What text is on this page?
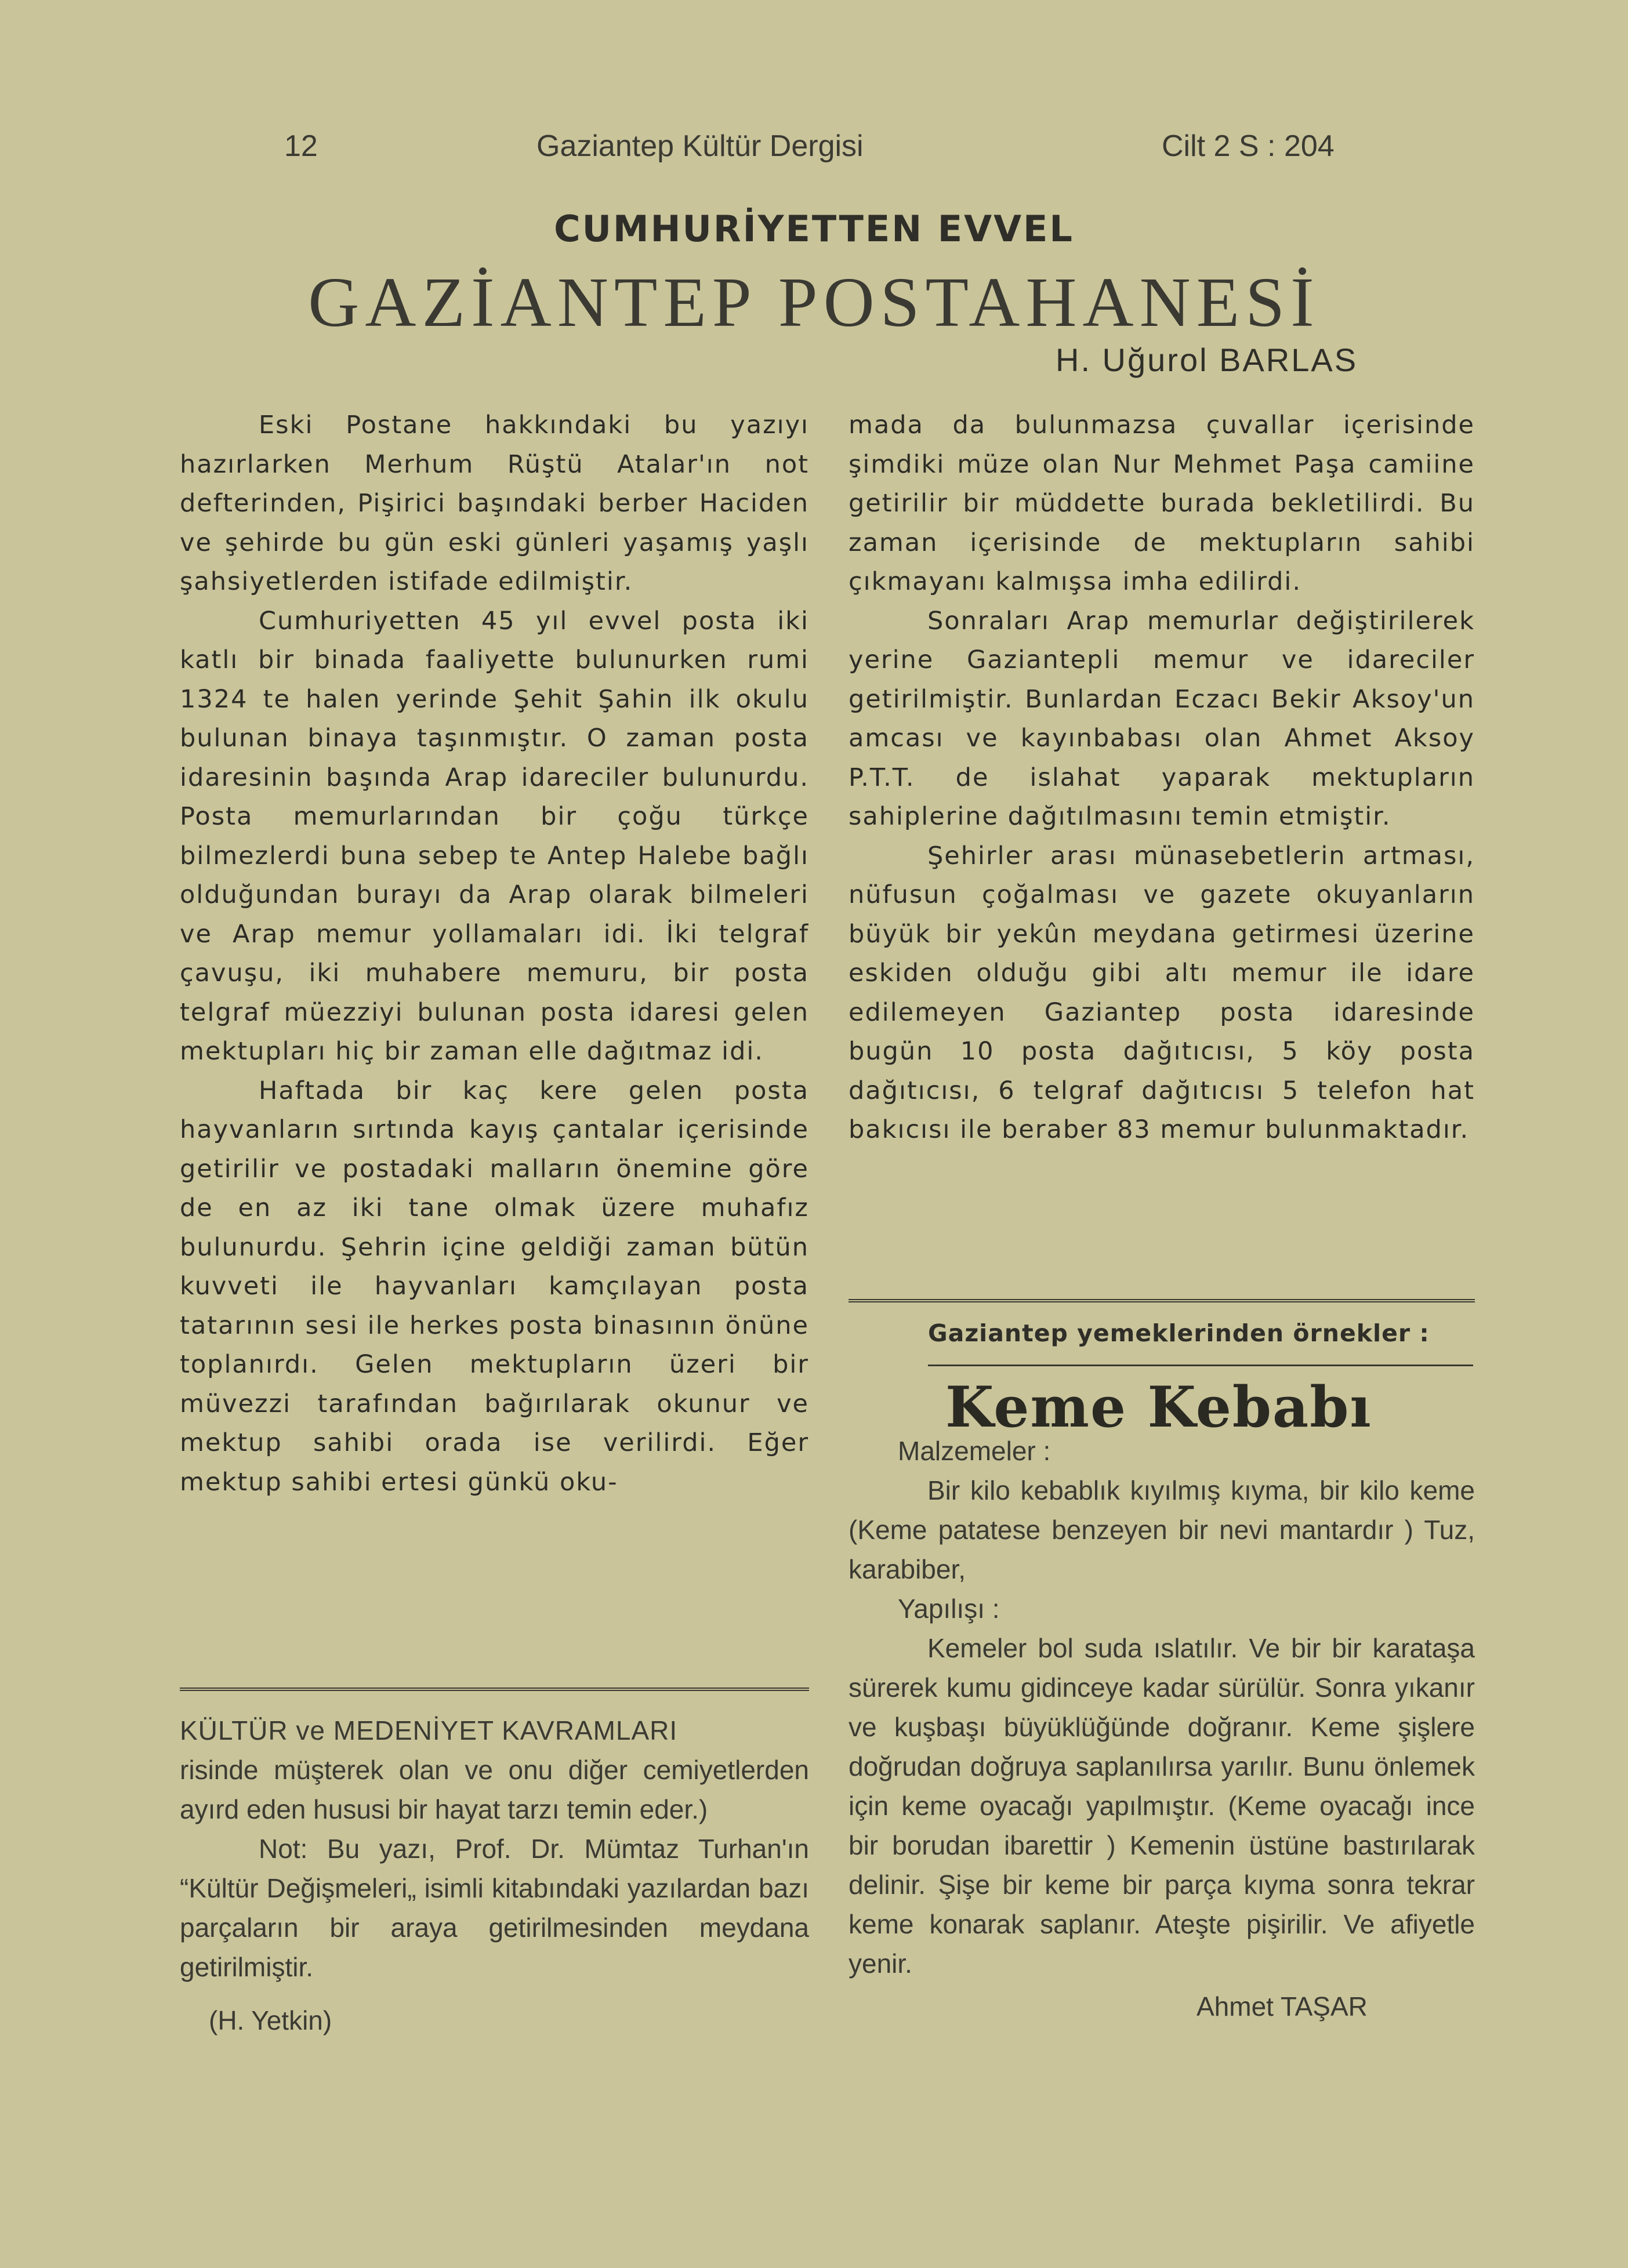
12	Gaziantep Kültür Dergisi	Cilt 2 S : 204
CUMHURİYETTEN EVVEL
GAZİANTEP POSTAHANESİ
H. Uğurol BARLAS

Eski Postane hakkındaki bu yazıyı hazırlarken Merhum Rüştü Atalar'ın not defterinden, Pişirici başındaki berber Haciden ve şehirde bu gün eski günleri yaşamış yaşlı şahsiyetlerden istifade edilmiştir.

Cumhuriyetten 45 yıl evvel posta iki katlı bir binada faaliyette bulunurken rumi 1324 te halen yerinde Şehit Şahin ilk okulu bulunan binaya taşınmıştır. O zaman posta idaresinin başında Arap idareciler bulunurdu. Posta memurlarından bir çoğu türkçe bilmezlerdi buna sebep te Antep Halebe bağlı olduğundan burayı da Arap olarak bilmeleri ve Arap memur yollamaları idi. İki telgraf çavuşu, iki muhabere memuru, bir posta telgraf müezziyi bulunan posta idaresi gelen mektupları hiç bir zaman elle dağıtmaz idi.

Haftada bir kaç kere gelen posta hayvanların sırtında kayış çantalar içerisinde getirilir ve postadaki malların önemine göre de en az iki tane olmak üzere muhafız bulunurdu. Şehrin içine geldiği zaman bütün kuvveti ile hayvanları kamçılayan posta tatarının sesi ile herkes posta binasının önüne toplanırdı. Gelen mektupların üzeri bir müvezzi tarafından bağırılarak okunur ve mektup sahibi orada ise verilirdi. Eğer mektup sahibi ertesi günkü oku-

mada da bulunmazsa çuvallar içerisinde şimdiki müze olan Nur Mehmet Paşa camiine getirilir bir müddette burada bekletilirdi. Bu zaman içerisinde de mektupların sahibi çıkmayanı kalmışsa imha edilirdi.

Sonraları Arap memurlar değiştirilerek yerine Gaziantepli memur ve idareciler getirilmiştir. Bunlardan Eczacı Bekir Aksoy'un amcası ve kayınbabası olan Ahmet Aksoy P.T.T. de islahat yaparak mektupların sahiplerine dağıtılmasını temin etmiştir.

Şehirler arası münasebetlerin artması, nüfusun çoğalması ve gazete okuyanların büyük bir yekûn meydana getirmesi üzerine eskiden olduğu gibi altı memur ile idare edilemeyen Gaziantep posta idaresinde bugün 10 posta dağıtıcısı, 5 köy posta dağıtıcısı, 6 telgraf dağıtıcısı 5 telefon hat bakıcısı ile beraber 83 memur bulunmaktadır.

KÜLTÜR ve MEDENİYET KAVRAMLARI

risinde müşterek olan ve onu diğer cemiyetlerden ayırd eden hususi bir hayat tarzı temin eder.)

Not: Bu yazı, Prof. Dr. Mümtaz Turhan'ın “Kültür Değişmeleri„ isimli kitabındaki yazılardan bazı parçaların bir araya getirilmesinden meydana getirilmiştir.

(H. Yetkin)

Gaziantep yemeklerinden örnekler :
Keme Kebabı

Malzemeler :

Bir kilo kebablık kıyılmış kıyma, bir kilo keme (Keme patatese benzeyen bir nevi mantardır ) Tuz, karabiber,

Yapılışı :

Kemeler bol suda ıslatılır. Ve bir bir karataşa sürerek kumu gidinceye kadar sürülür. Sonra yıkanır ve kuşbaşı büyüklüğünde doğranır. Keme şişlere doğrudan doğruya saplanılırsa yarılır. Bunu önlemek için keme oyacağı yapılmıştır. (Keme oyacağı ince bir borudan ibarettir ) Kemenin üstüne bastırılarak delinir. Şişe bir keme bir parça kıyma sonra tekrar keme konarak saplanır. Ateşte pişirilir. Ve afiyetle yenir.

Ahmet TAŞAR
